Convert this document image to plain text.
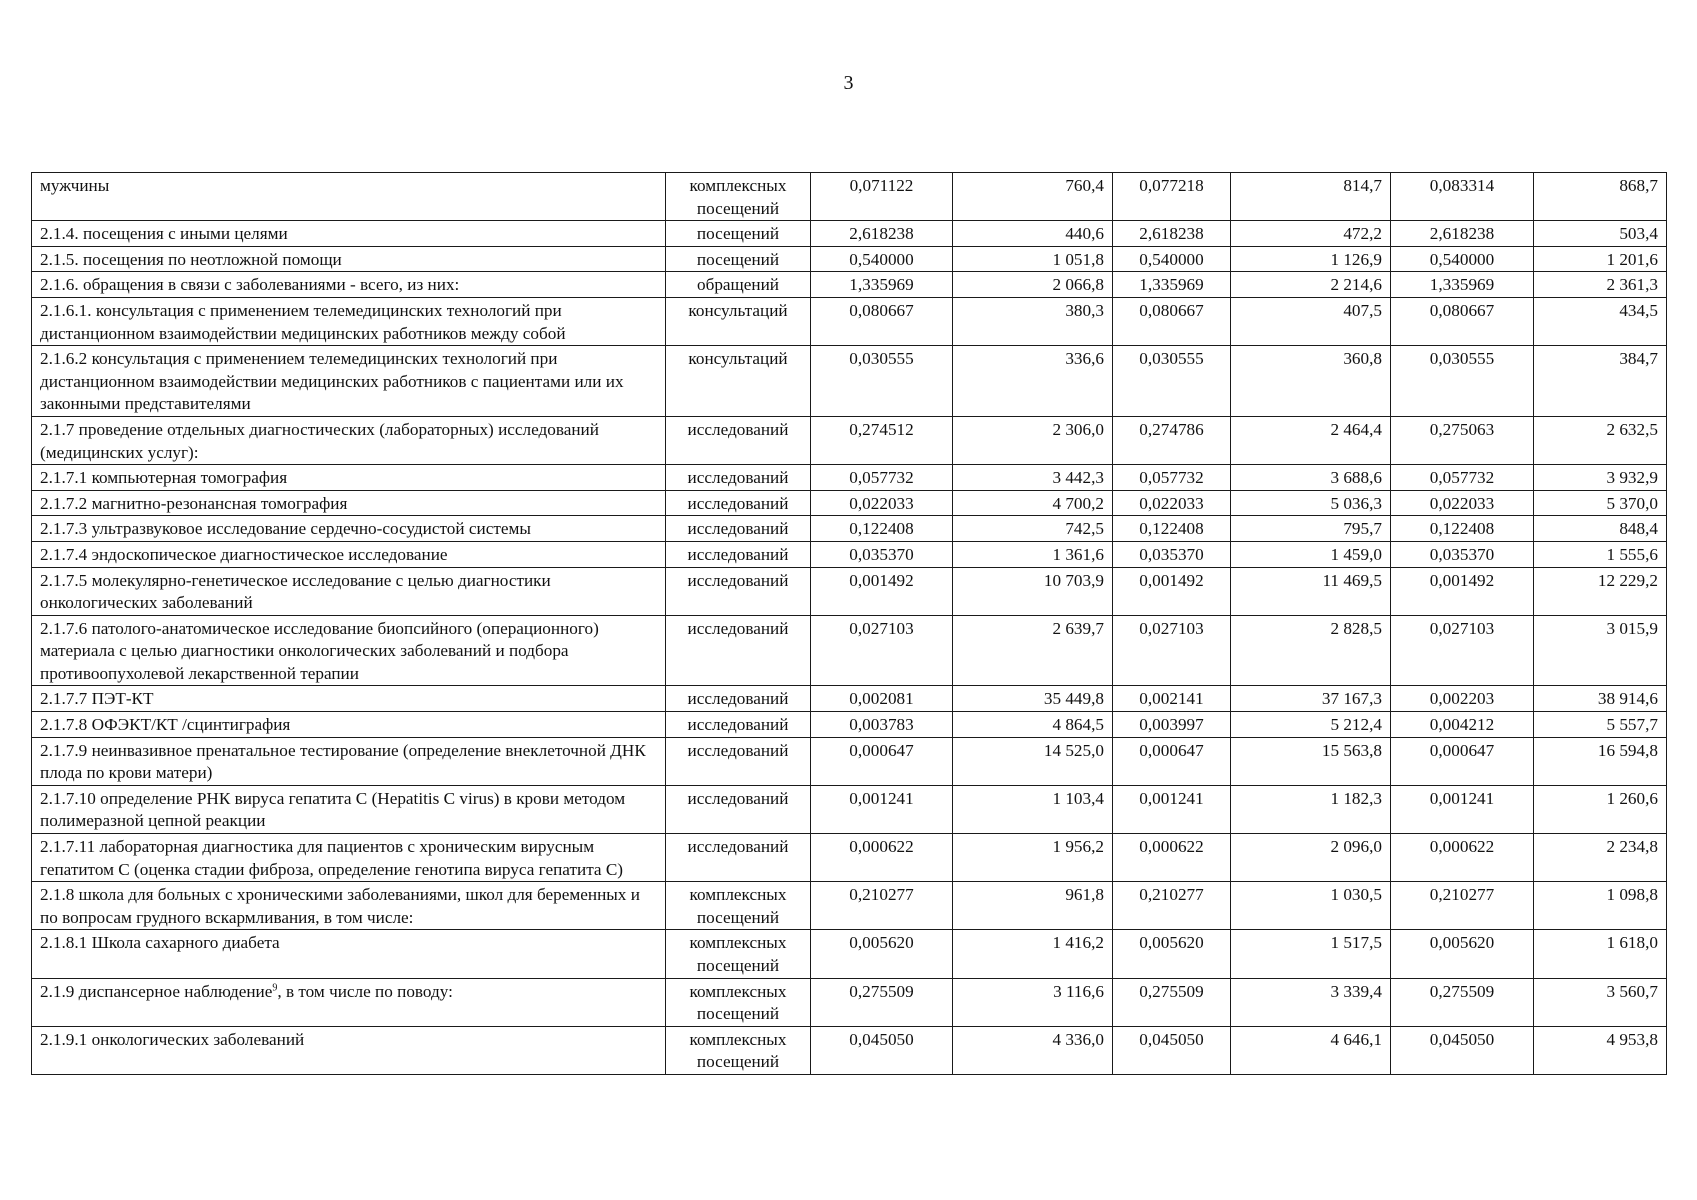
3
мужчины	комплексных посещений	0,071122	760,4	0,077218	814,7	0,083314	868,7
2.1.4. посещения с иными целями	посещений	2,618238	440,6	2,618238	472,2	2,618238	503,4
2.1.5. посещения по неотложной помощи	посещений	0,540000	1 051,8	0,540000	1 126,9	0,540000	1 201,6
2.1.6. обращения в связи с заболеваниями - всего, из них:	обращений	1,335969	2 066,8	1,335969	2 214,6	1,335969	2 361,3
2.1.6.1. консультация с применением телемедицинских технологий при дистанционном взаимодействии медицинских работников между собой	консультаций	0,080667	380,3	0,080667	407,5	0,080667	434,5
2.1.6.2 консультация с применением телемедицинских технологий при дистанционном взаимодействии медицинских работников с пациентами или их законными представителями	консультаций	0,030555	336,6	0,030555	360,8	0,030555	384,7
2.1.7 проведение отдельных диагностических (лабораторных) исследований (медицинских услуг):	исследований	0,274512	2 306,0	0,274786	2 464,4	0,275063	2 632,5
2.1.7.1 компьютерная томография	исследований	0,057732	3 442,3	0,057732	3 688,6	0,057732	3 932,9
2.1.7.2 магнитно-резонансная томография	исследований	0,022033	4 700,2	0,022033	5 036,3	0,022033	5 370,0
2.1.7.3 ультразвуковое исследование сердечно-сосудистой системы	исследований	0,122408	742,5	0,122408	795,7	0,122408	848,4
2.1.7.4 эндоскопическое диагностическое исследование	исследований	0,035370	1 361,6	0,035370	1 459,0	0,035370	1 555,6
2.1.7.5 молекулярно-генетическое исследование с целью диагностики онкологических заболеваний	исследований	0,001492	10 703,9	0,001492	11 469,5	0,001492	12 229,2
2.1.7.6 патолого-анатомическое исследование биопсийного (операционного) материала с целью диагностики онкологических заболеваний и подбора противоопухолевой лекарственной терапии	исследований	0,027103	2 639,7	0,027103	2 828,5	0,027103	3 015,9
2.1.7.7 ПЭТ-КТ	исследований	0,002081	35 449,8	0,002141	37 167,3	0,002203	38 914,6
2.1.7.8 ОФЭКТ/КТ /сцинтиграфия	исследований	0,003783	4 864,5	0,003997	5 212,4	0,004212	5 557,7
2.1.7.9 неинвазивное пренатальное тестирование (определение внеклеточной ДНК плода по крови матери)	исследований	0,000647	14 525,0	0,000647	15 563,8	0,000647	16 594,8
2.1.7.10 определение РНК вируса гепатита С (Hepatitis C virus) в крови методом полимеразной цепной реакции	исследований	0,001241	1 103,4	0,001241	1 182,3	0,001241	1 260,6
2.1.7.11 лабораторная диагностика для пациентов с хроническим вирусным гепатитом С (оценка стадии фиброза, определение генотипа вируса гепатита С)	исследований	0,000622	1 956,2	0,000622	2 096,0	0,000622	2 234,8
2.1.8 школа для больных с хроническими заболеваниями, школ для беременных и по вопросам грудного вскармливания, в том числе:	комплексных посещений	0,210277	961,8	0,210277	1 030,5	0,210277	1 098,8
2.1.8.1 Школа сахарного диабета	комплексных посещений	0,005620	1 416,2	0,005620	1 517,5	0,005620	1 618,0
2.1.9 диспансерное наблюдение$^9$, в том числе по поводу:	комплексных посещений	0,275509	3 116,6	0,275509	3 339,4	0,275509	3 560,7
2.1.9.1 онкологических заболеваний	комплексных посещений	0,045050	4 336,0	0,045050	4 646,1	0,045050	4 953,8
